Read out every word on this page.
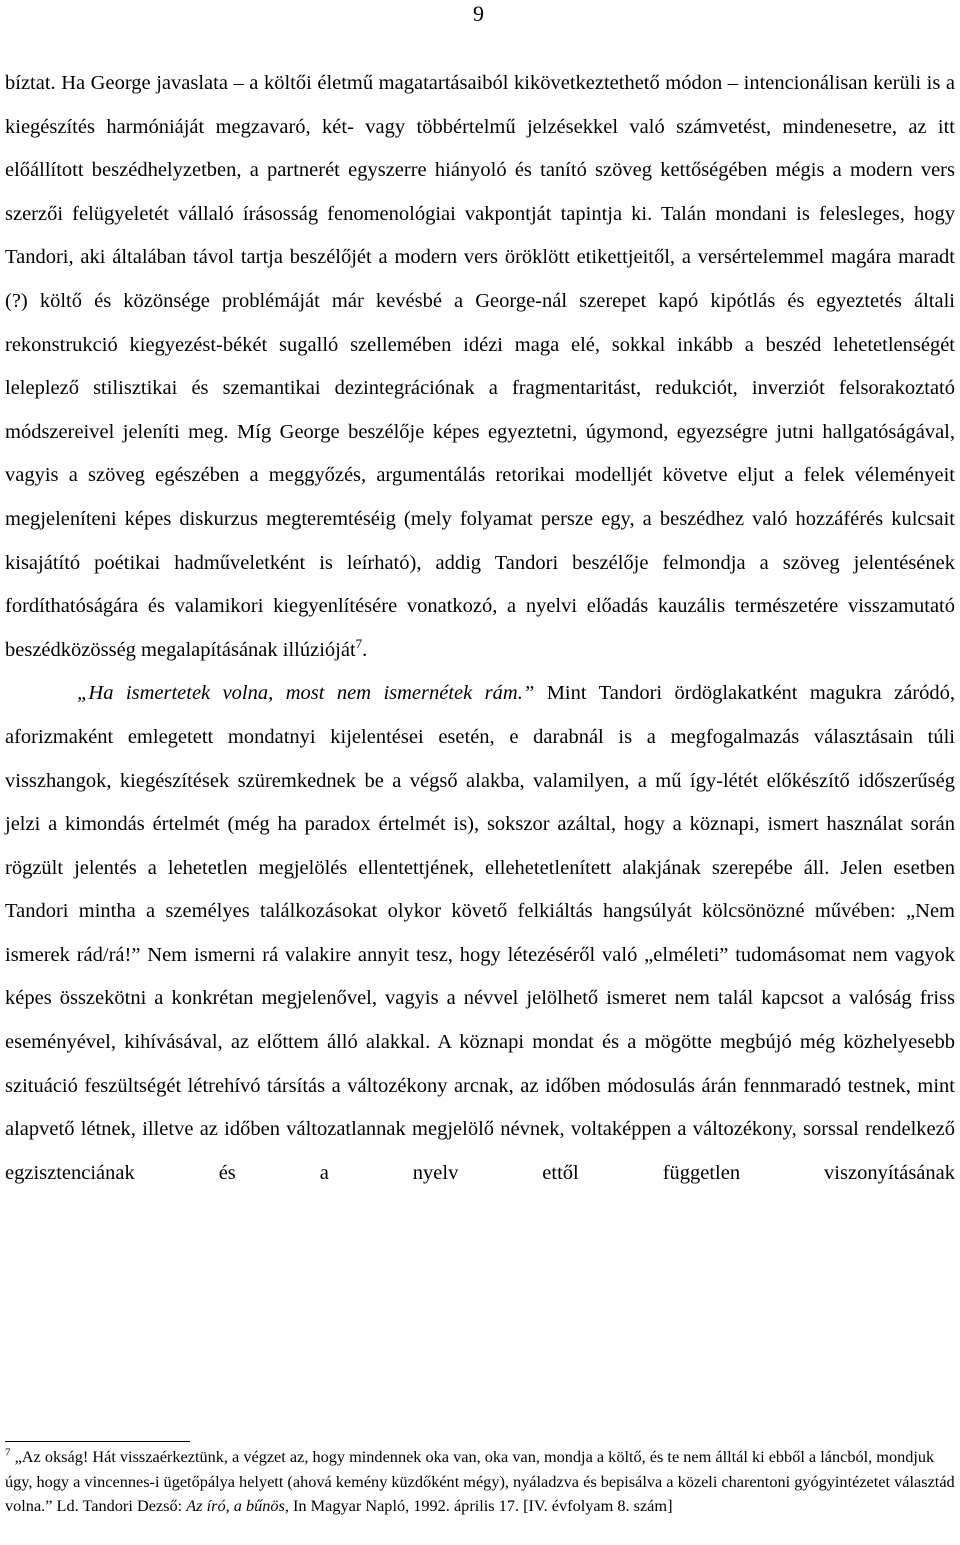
9

bíztat. Ha George javaslata – a költői életmű magatartásaiból kikövetkeztethető módon – intencionálisan kerüli is a kiegészítés harmóniáját megzavaró, két- vagy többértelmű jelzésekkel való számvetést, mindenesetre, az itt előállított beszédhelyzetben, a partnerét egyszerre hiányoló és tanító szöveg kettőségében mégis a modern vers szerzői felügyeletét vállaló írásosság fenomenológiai vakpontját tapintja ki. Talán mondani is felesleges, hogy Tandori, aki általában távol tartja beszélőjét a modern vers öröklött etikettjeitől, a versértelemmel magára maradt (?) költő és közönsége problémáját már kevésbé a George-nál szerepet kapó kipótlás és egyeztetés általi rekonstrukció kiegyezést-békét sugalló szellemében idézi maga elé, sokkal inkább a beszéd lehetetlenségét leleplező stilisztikai és szemantikai dezintegrációnak a fragmentaritást, redukciót, inverziót felsorakoztató módszereivel jeleníti meg. Míg George beszélője képes egyeztetni, úgymond, egyezségre jutni hallgatóságával, vagyis a szöveg egészében a meggyőzés, argumentálás retorikai modelljét követve eljut a felek véleményeit megjeleníteni képes diskurzus megteremtéséig (mely folyamat persze egy, a beszédhez való hozzáférés kulcsait kisajátító poétikai hadműveletként is leírható), addig Tandori beszélője felmondja a szöveg jelentésének fordíthatóságára és valamikori kiegyenlítésére vonatkozó, a nyelvi előadás kauzális természetére visszamutató beszédközösség megalapításának illúzióját$^7$.

„Ha ismertetek volna, most nem ismernétek rám.” Mint Tandori ördöglakatként magukra záródó, aforizmaként emlegetett mondatnyi kijelentései esetén, e darabnál is a megfogalmazás választásain túli visszhangok, kiegészítések szüremkednek be a végső alakba, valamilyen, a mű így-létét előkészítő időszerűség jelzi a kimondás értelmét (még ha paradox értelmét is), sokszor azáltal, hogy a köznapi, ismert használat során rögzült jelentés a lehetetlen megjelölés ellentettjének, ellehetetlenített alakjának szerepébe áll. Jelen esetben Tandori mintha a személyes találkozásokat olykor követő felkiáltás hangsúlyát kölcsönözné művében: „Nem ismerek rád/rá!” Nem ismerni rá valakire annyit tesz, hogy létezéséről való „elméleti” tudomásomat nem vagyok képes összekötni a konkrétan megjelenővel, vagyis a névvel jelölhető ismeret nem talál kapcsot a valóság friss eseményével, kihívásával, az előttem álló alakkal. A köznapi mondat és a mögötte megbújó még közhelyesebb szituáció feszültségét létrehívó társítás a változékony arcnak, az időben módosulás árán fennmaradó testnek, mint alapvető létnek, illetve az időben változatlannak megjelölő névnek, voltaképpen a változékony, sorssal rendelkező egzisztenciának és a nyelv ettől független viszonyításának

$^7$ „Az okság! Hát visszaérkeztünk, a végzet az, hogy mindennek oka van, oka van, mondja a költő, és te nem álltál ki ebből a láncból, mondjuk úgy, hogy a vincennes-i ügetőpálya helyett (ahová kemény küzdőként mégy), nyáladzva és bepisálva a közeli charentoni gyógyintézetet választád volna.” Ld. Tandori Dezső: Az író, a bűnös, In Magyar Napló, 1992. április 17. [IV. évfolyam 8. szám]
